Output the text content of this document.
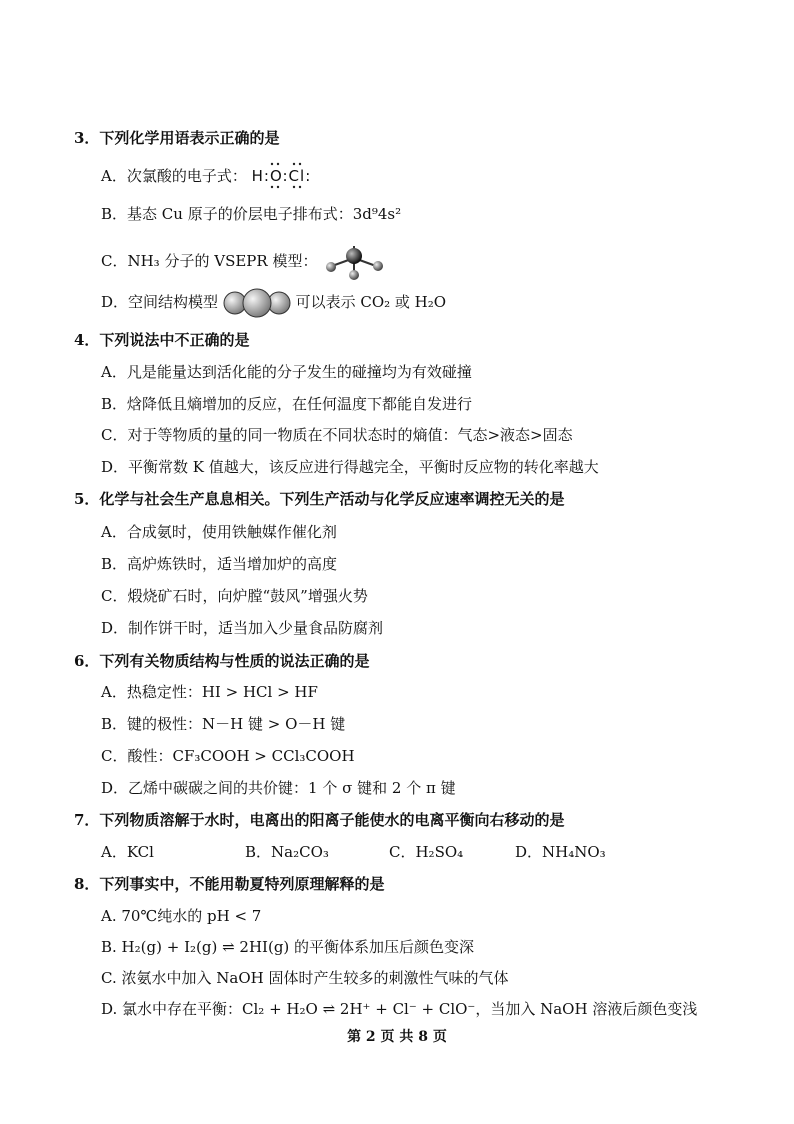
3．下列化学用语表示正确的是
A．次氯酸的电子式： H:O:Cl:
B．基态 Cu 原子的价层电子排布式：3d⁹4s²
C．NH₃ 分子的 VSEPR 模型：
D．空间结构模型	可以表示 CO₂ 或 H₂O
4．下列说法中不正确的是
A．凡是能量达到活化能的分子发生的碰撞均为有效碰撞
B．焓降低且熵增加的反应，在任何温度下都能自发进行
C．对于等物质的量的同一物质在不同状态时的熵值：气态>液态>固态
D．平衡常数 K 值越大，该反应进行得越完全，平衡时反应物的转化率越大
5．化学与社会生产息息相关。下列生产活动与化学反应速率调控无关的是
A．合成氨时，使用铁触媒作催化剂
B．高炉炼铁时，适当增加炉的高度
C．煅烧矿石时，向炉膛“鼓风”增强火势
D．制作饼干时，适当加入少量食品防腐剂
6．下列有关物质结构与性质的说法正确的是
A．热稳定性：HI > HCl > HF
B．键的极性：N－H 键 > O－H 键
C．酸性：CF₃COOH > CCl₃COOH
D．乙烯中碳碳之间的共价键：1 个 σ 键和 2 个 π 键
7．下列物质溶解于水时，电离出的阳离子能使水的电离平衡向右移动的是
A．KCl	B．Na₂CO₃	C．H₂SO₄	D．NH₄NO₃
8．下列事实中，不能用勒夏特列原理解释的是
A. 70℃纯水的 pH < 7
B. H₂(g) + I₂(g) ⇌ 2HI(g) 的平衡体系加压后颜色变深
C. 浓氨水中加入 NaOH 固体时产生较多的刺激性气味的气体
D. 氯水中存在平衡：Cl₂ + H₂O ⇌ 2H⁺ + Cl⁻ + ClO⁻，当加入 NaOH 溶液后颜色变浅
第 2 页 共 8 页
